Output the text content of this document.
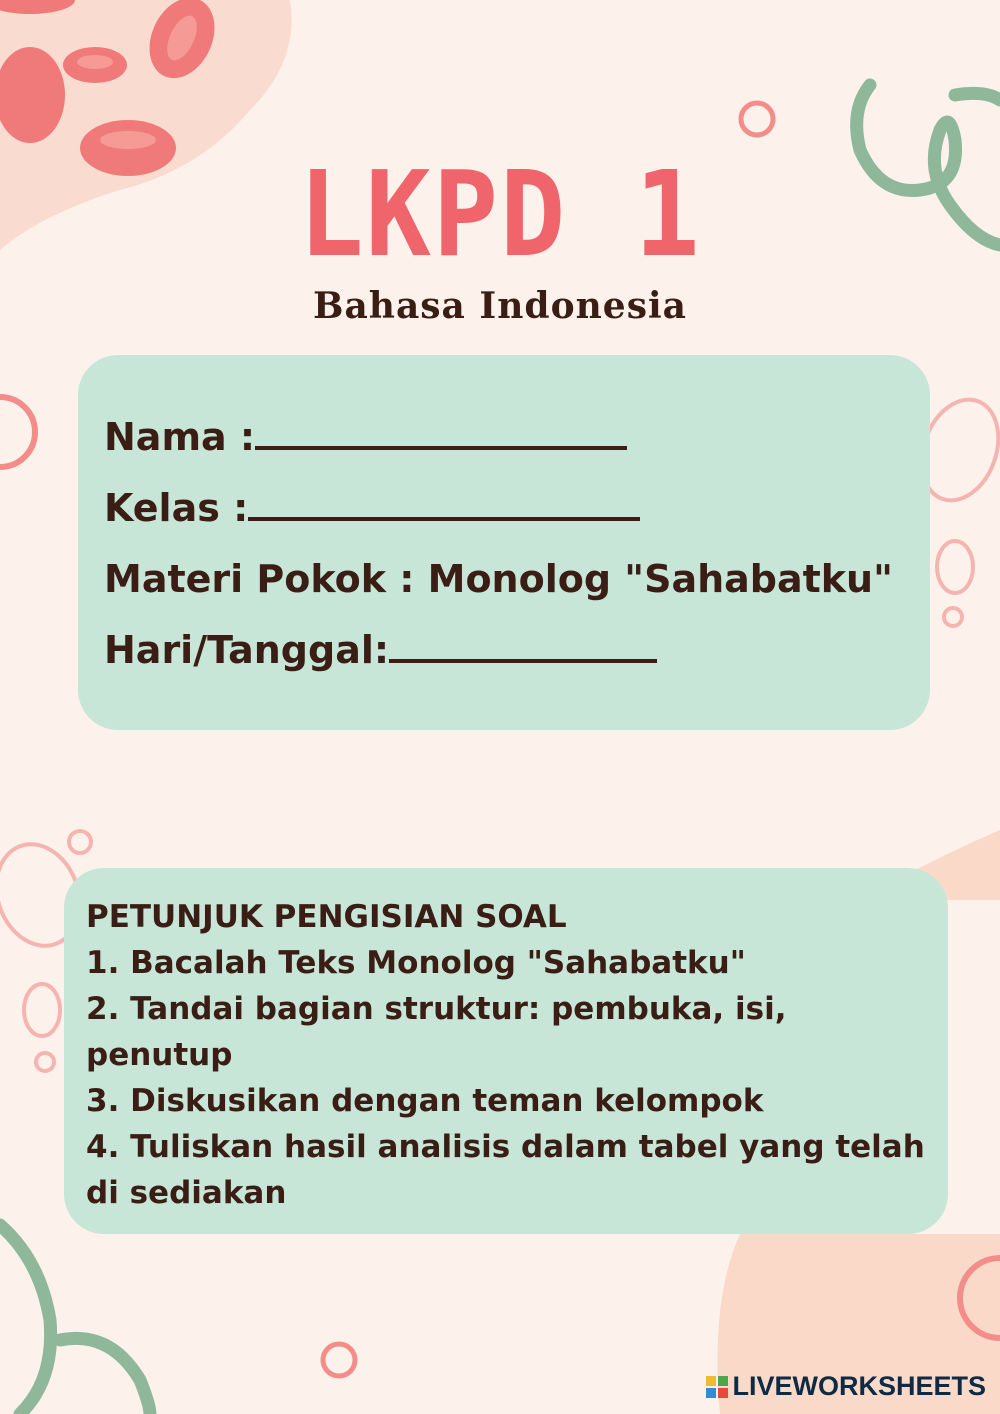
LKPD 1
Bahasa Indonesia
Nama :
Kelas :
Materi Pokok : Monolog "Sahabatku"
Hari/Tanggal:
PETUNJUK PENGISIAN SOAL
1. Bacalah Teks Monolog "Sahabatku"
2. Tandai bagian struktur: pembuka, isi,
penutup
3. Diskusikan dengan teman kelompok
4. Tuliskan hasil analisis dalam tabel yang telah
di sediakan
LIVEWORKSHEETS
